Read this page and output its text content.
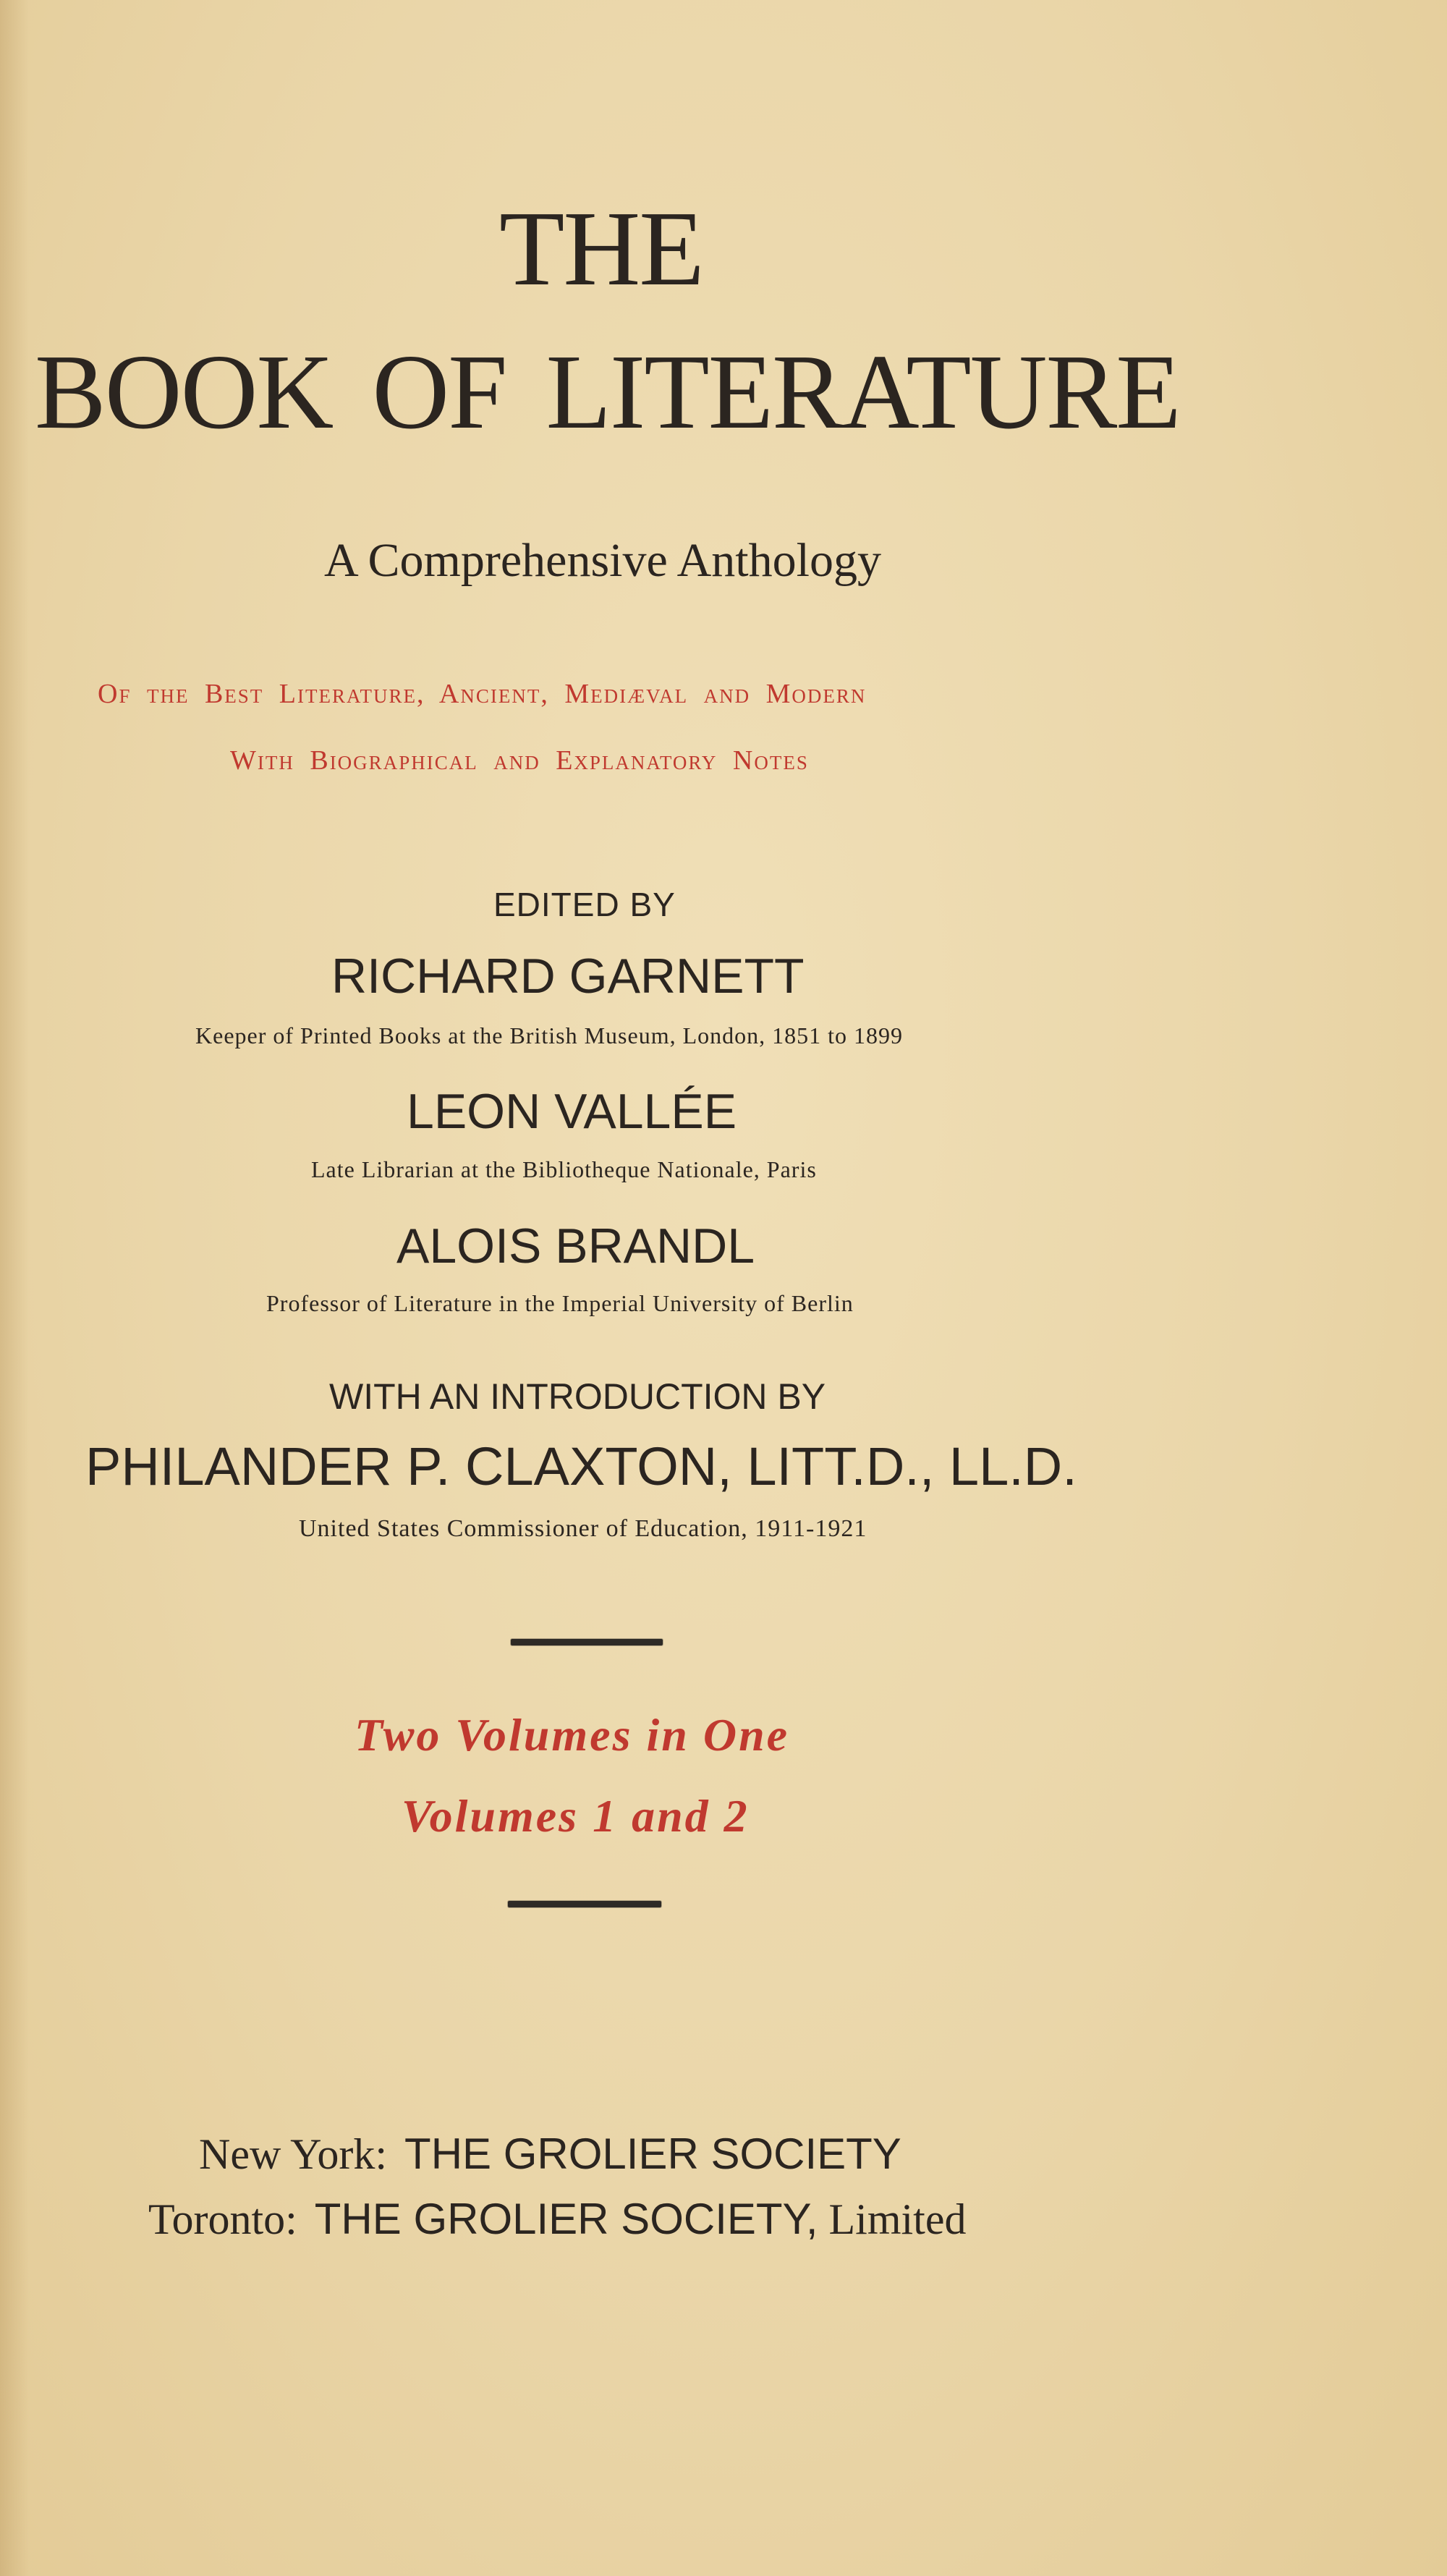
THE
BOOK OF LITERATURE
A Comprehensive Anthology
Of the Best Literature, Ancient, Mediæval and Modern
With Biographical and Explanatory Notes
EDITED BY
RICHARD GARNETT
Keeper of Printed Books at the British Museum, London, 1851 to 1899
LEON VALLÉE
Late Librarian at the Bibliotheque Nationale, Paris
ALOIS BRANDL
Professor of Literature in the Imperial University of Berlin
WITH AN INTRODUCTION BY
PHILANDER P. CLAXTON, LITT.D., LL.D.
United States Commissioner of Education, 1911-1921
Two Volumes in One
Volumes 1 and 2
New York: THE GROLIER SOCIETY
Toronto: THE GROLIER SOCIETY, Limited
